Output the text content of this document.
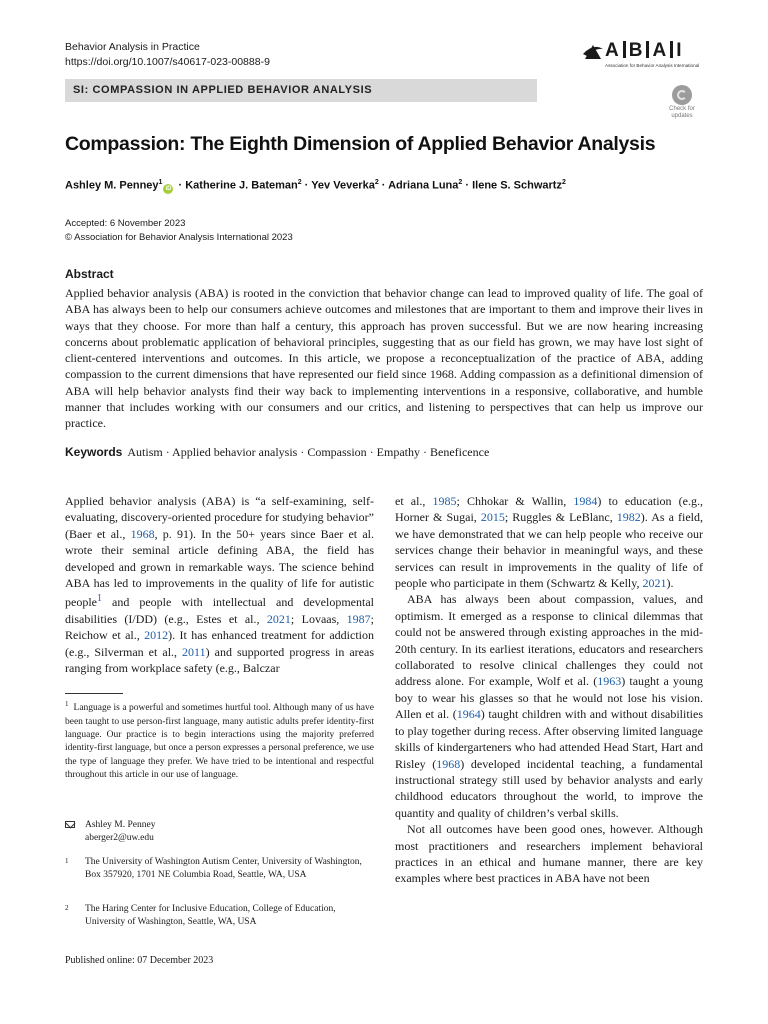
Behavior Analysis in Practice
https://doi.org/10.1007/s40617-023-00888-9
A B A I
Association for Behavior Analysis International
SI: COMPASSION IN APPLIED BEHAVIOR ANALYSIS
Check for updates
Compassion: The Eighth Dimension of Applied Behavior Analysis
Ashley M. Penney$^1$iD · Katherine J. Bateman$^2$ · Yev Veverka$^2$ · Adriana Luna$^2$ · Ilene S. Schwartz$^2$
Accepted: 6 November 2023
© Association for Behavior Analysis International 2023
Abstract
Applied behavior analysis (ABA) is rooted in the conviction that behavior change can lead to improved quality of life. The goal of ABA has always been to help our consumers achieve outcomes and milestones that are important to them and improve their lives in ways that they choose. For more than half a century, this approach has proven successful. But we are now hearing increasing concerns about problematic application of behavioral principles, suggesting that as our field has grown, we may have lost sight of client-centered interventions and outcomes. In this article, we propose a reconceptualization of the practice of ABA, adding compassion to the current dimensions that have represented our field since 1968. Adding compassion as a definitional dimension of ABA will help behavior analysts find their way back to implementing interventions in a responsive, collaborative, and humble manner that includes working with our consumers and our critics, and listening to perspectives that can help us improve our practice.
Keywords Autism · Applied behavior analysis · Compassion · Empathy · Beneficence

Applied behavior analysis (ABA) is “a self-examining, self-evaluating, discovery-oriented procedure for studying behavior” (Baer et al., 1968, p. 91). In the 50+ years since Baer et al. wrote their seminal article defining ABA, the field has developed and grown in remarkable ways. The science behind ABA has led to improvements in the quality of life for autistic people$^1$ and people with intellectual and developmental disabilities (I/DD) (e.g., Estes et al., 2021; Lovaas, 1987; Reichow et al., 2012). It has enhanced treatment for addiction (e.g., Silverman et al., 2011) and supported progress in areas ranging from workplace safety (e.g., Balczar

$^1$ Language is a powerful and sometimes hurtful tool. Although many of us have been taught to use person-first language, many autistic adults prefer identity-first language. Our practice is to begin interactions using the majority preferred identity-first language, but once a person expresses a personal preference, we use the type of language they prefer. We have tried to be intentional and respectful throughout this article in our use of language.
Ashley M. Penney
aberger2@uw.edu
1 The University of Washington Autism Center, University of Washington, Box 357920, 1701 NE Columbia Road, Seattle, WA, USA
2 The Haring Center for Inclusive Education, College of Education, University of Washington, Seattle, WA, USA

et al., 1985; Chhokar & Wallin, 1984) to education (e.g., Horner & Sugai, 2015; Ruggles & LeBlanc, 1982). As a field, we have demonstrated that we can help people who receive our services change their behavior in meaningful ways, and these services can result in improvements in the quality of life of people who participate in them (Schwartz & Kelly, 2021).

ABA has always been about compassion, values, and optimism. It emerged as a response to clinical dilemmas that could not be answered through existing approaches in the mid-20th century. In its earliest iterations, educators and researchers collaborated to resolve clinical challenges they could not address alone. For example, Wolf et al. (1963) taught a young boy to wear his glasses so that he would not lose his vision. Allen et al. (1964) taught children with and without disabilities to play together during recess. After observing limited language skills of kindergarteners who had attended Head Start, Hart and Risley (1968) developed incidental teaching, a fundamental instructional strategy still used by behavior analysts and early childhood educators throughout the world, to improve the quantity and quality of children’s verbal skills.

Not all outcomes have been good ones, however. Although most practitioners and researchers implement behavioral practices in an ethical and humane manner, there are key examples where best practices in ABA have not been

Published online: 07 December 2023
